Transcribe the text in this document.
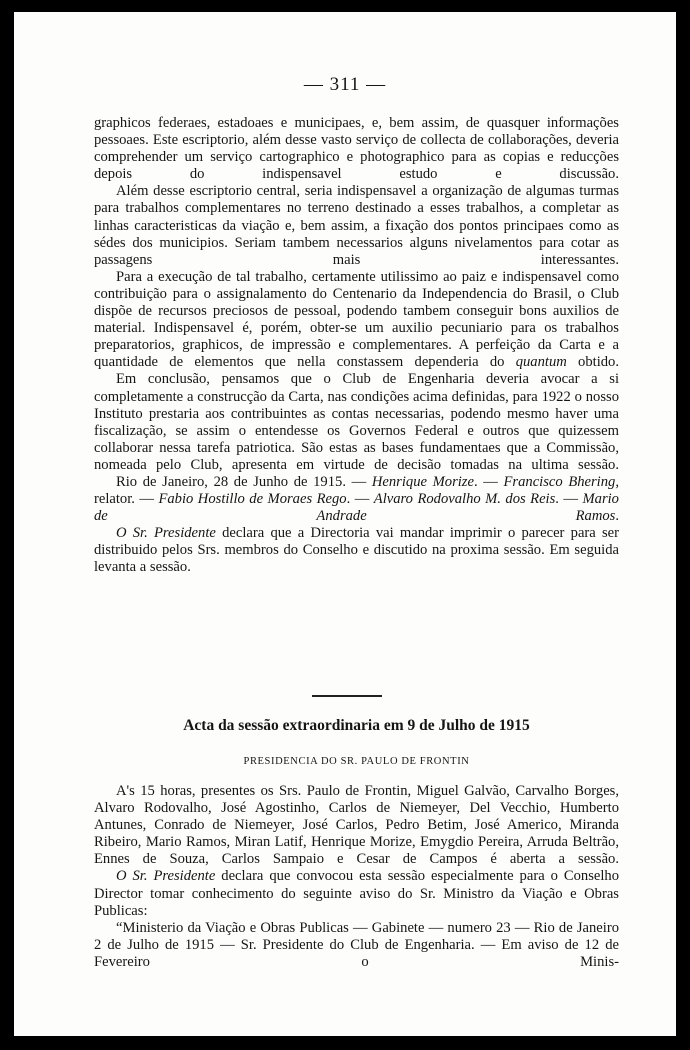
— 311 —

graphicos federaes, estadoaes e municipaes, e, bem assim, de quasquer informações pessoaes. Este escriptorio, além desse vasto serviço de collecta de collaborações, deveria comprehender um serviço cartographico e photographico para as copias e reducções depois do indispensavel estudo e discussão.

Além desse escriptorio central, seria indispensavel a organização de algumas turmas para trabalhos complementares no terreno destinado a esses trabalhos, a completar as linhas caracteristicas da viação e, bem assim, a fixação dos pontos principaes como as sédes dos municipios. Seriam tambem necessarios alguns nivelamentos para cotar as passagens mais interessantes.

Para a execução de tal trabalho, certamente utilissimo ao paiz e indispensavel como contribuição para o assignalamento do Centenario da Independencia do Brasil, o Club dispõe de recursos preciosos de pessoal, podendo tambem conseguir bons auxilios de material. Indispensavel é, porém, obter-se um auxilio pecuniario para os trabalhos preparatorios, graphicos, de impressão e complementares. A perfeição da Carta e a quantidade de elementos que nella constassem dependeria do quantum obtido.

Em conclusão, pensamos que o Club de Engenharia deveria avocar a si completamente a construcção da Carta, nas condições acima definidas, para 1922 o nosso Instituto prestaria aos contribuintes as contas necessarias, podendo mesmo haver uma fiscalização, se assim o entendesse os Governos Federal e outros que quizessem collaborar nessa tarefa patriotica. São estas as bases fundamentaes que a Commissão, nomeada pelo Club, apresenta em virtude de decisão tomadas na ultima sessão.

Rio de Janeiro, 28 de Junho de 1915. — Henrique Morize. — Francisco Bhering, relator. — Fabio Hostillo de Moraes Rego. — Alvaro Rodovalho M. dos Reis. — Mario de Andrade Ramos.

O Sr. Presidente declara que a Directoria vai mandar imprimir o parecer para ser distribuido pelos Srs. membros do Conselho e discutido na proxima sessão. Em seguida levanta a sessão.

Acta da sessão extraordinaria em 9 de Julho de 1915
PRESIDENCIA DO SR. PAULO DE FRONTIN

A's 15 horas, presentes os Srs. Paulo de Frontin, Miguel Galvão, Carvalho Borges, Alvaro Rodovalho, José Agostinho, Carlos de Niemeyer, Del Vecchio, Humberto Antunes, Conrado de Niemeyer, José Carlos, Pedro Betim, José Americo, Miranda Ribeiro, Mario Ramos, Miran Latif, Henrique Morize, Emygdio Pereira, Arruda Beltrão, Ennes de Souza, Carlos Sampaio e Cesar de Campos é aberta a sessão.

O Sr. Presidente declara que convocou esta sessão especialmente para o Conselho Director tomar conhecimento do seguinte aviso do Sr. Ministro da Viação e Obras Publicas:

“Ministerio da Viação e Obras Publicas — Gabinete — numero 23 — Rio de Janeiro 2 de Julho de 1915 — Sr. Presidente do Club de Engenharia. — Em aviso de 12 de Fevereiro o Minis-
